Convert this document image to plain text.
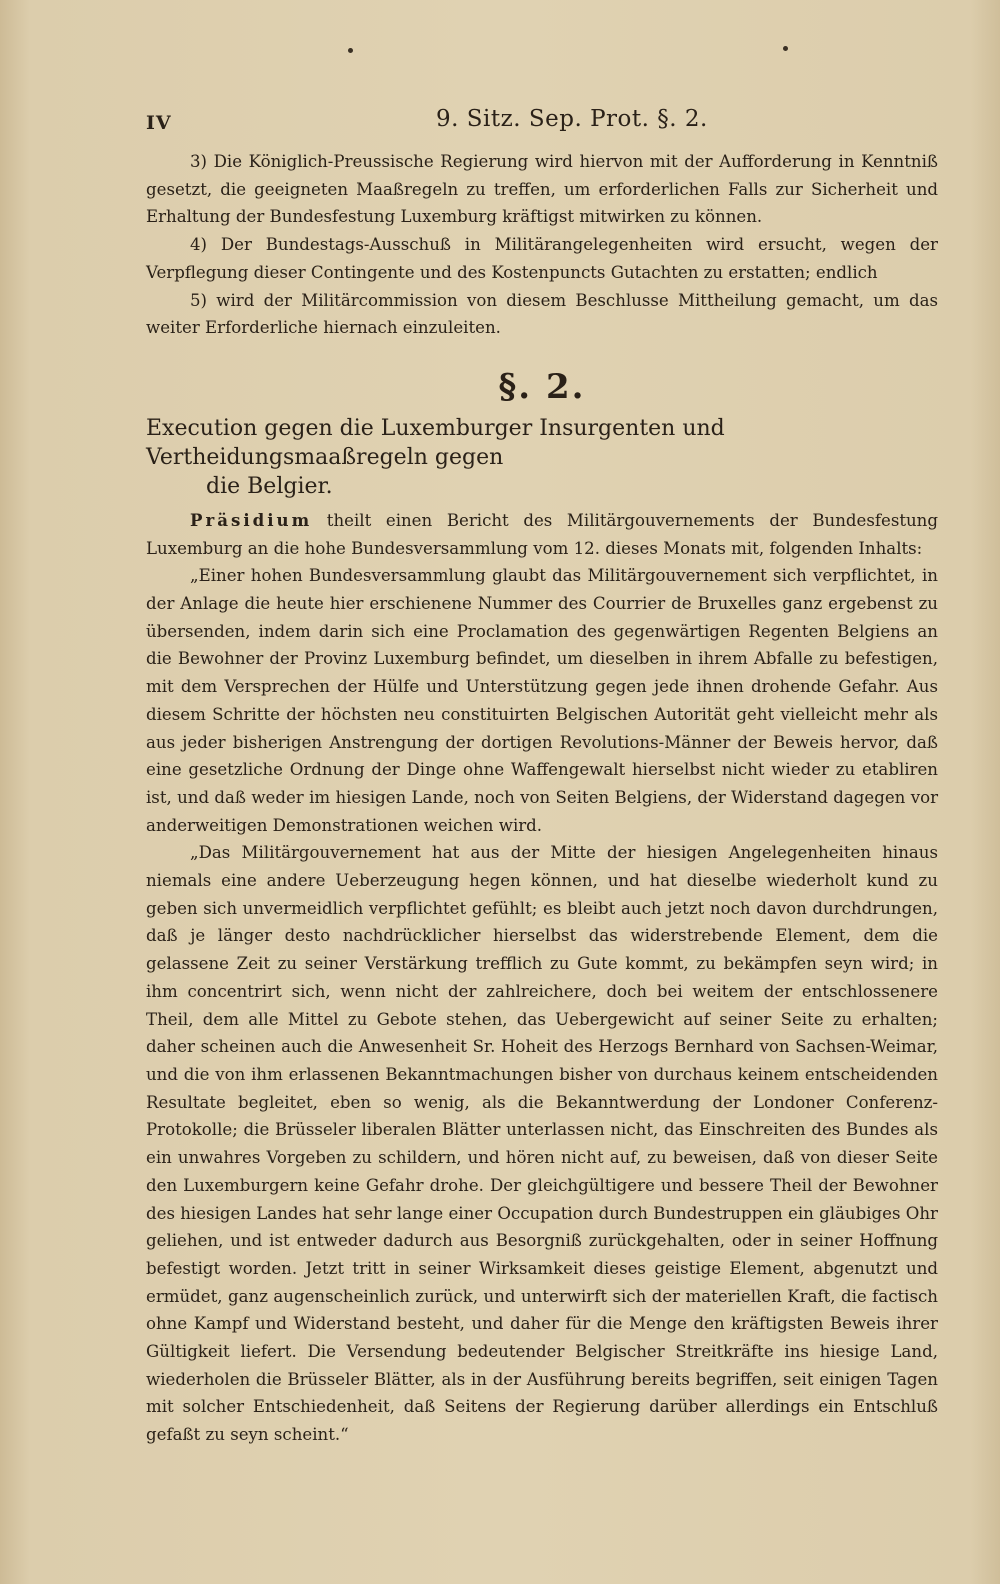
IV	9. Sitz. Sep. Prot. §. 2.

3) Die Königlich-Preussische Regierung wird hiervon mit der Aufforderung in Kenntniß gesetzt, die geeigneten Maaßregeln zu treffen, um erforderlichen Falls zur Sicherheit und Erhaltung der Bundesfestung Luxemburg kräftigst mitwirken zu können.

4) Der Bundestags-Ausschuß in Militärangelegenheiten wird ersucht, wegen der Verpflegung dieser Contingente und des Kostenpuncts Gutachten zu erstatten; endlich

5) wird der Militärcommission von diesem Beschlusse Mittheilung gemacht, um das weiter Erforderliche hiernach einzuleiten.

§. 2.
Execution gegen die Luxemburger Insurgenten und Vertheidungsmaaßregeln gegen
die Belgier.

Präsidium theilt einen Bericht des Militärgouvernements der Bundesfestung Luxemburg an die hohe Bundesversammlung vom 12. dieses Monats mit, folgenden Inhalts:

„Einer hohen Bundesversammlung glaubt das Militärgouvernement sich verpflichtet, in der Anlage die heute hier erschienene Nummer des Courrier de Bruxelles ganz ergebenst zu übersenden, indem darin sich eine Proclamation des gegenwärtigen Regenten Belgiens an die Bewohner der Provinz Luxemburg befindet, um dieselben in ihrem Abfalle zu befestigen, mit dem Versprechen der Hülfe und Unterstützung gegen jede ihnen drohende Gefahr. Aus diesem Schritte der höchsten neu constituirten Belgischen Autorität geht vielleicht mehr als aus jeder bisherigen Anstrengung der dortigen Revolutions-Männer der Beweis hervor, daß eine gesetzliche Ordnung der Dinge ohne Waffengewalt hierselbst nicht wieder zu etabliren ist, und daß weder im hiesigen Lande, noch von Seiten Belgiens, der Widerstand dagegen vor anderweitigen Demonstrationen weichen wird.

„Das Militärgouvernement hat aus der Mitte der hiesigen Angelegenheiten hinaus niemals eine andere Ueberzeugung hegen können, und hat dieselbe wiederholt kund zu geben sich unvermeidlich verpflichtet gefühlt; es bleibt auch jetzt noch davon durchdrungen, daß je länger desto nachdrücklicher hierselbst das widerstrebende Element, dem die gelassene Zeit zu seiner Verstärkung trefflich zu Gute kommt, zu bekämpfen seyn wird; in ihm concentrirt sich, wenn nicht der zahlreichere, doch bei weitem der entschlossenere Theil, dem alle Mittel zu Gebote stehen, das Uebergewicht auf seiner Seite zu erhalten; daher scheinen auch die Anwesenheit Sr. Hoheit des Herzogs Bernhard von Sachsen-Weimar, und die von ihm erlassenen Bekanntmachungen bisher von durchaus keinem entscheidenden Resultate begleitet, eben so wenig, als die Bekanntwerdung der Londoner Conferenz-Protokolle; die Brüsseler liberalen Blätter unterlassen nicht, das Einschreiten des Bundes als ein unwahres Vorgeben zu schildern, und hören nicht auf, zu beweisen, daß von dieser Seite den Luxemburgern keine Gefahr drohe. Der gleichgültigere und bessere Theil der Bewohner des hiesigen Landes hat sehr lange einer Occupation durch Bundestruppen ein gläubiges Ohr geliehen, und ist entweder dadurch aus Besorgniß zurückgehalten, oder in seiner Hoffnung befestigt worden. Jetzt tritt in seiner Wirksamkeit dieses geistige Element, abgenutzt und ermüdet, ganz augenscheinlich zurück, und unterwirft sich der materiellen Kraft, die factisch ohne Kampf und Widerstand besteht, und daher für die Menge den kräftigsten Beweis ihrer Gültigkeit liefert. Die Versendung bedeutender Belgischer Streitkräfte ins hiesige Land, wiederholen die Brüsseler Blätter, als in der Ausführung bereits begriffen, seit einigen Tagen mit solcher Entschiedenheit, daß Seitens der Regierung darüber allerdings ein Entschluß gefaßt zu seyn scheint.“
